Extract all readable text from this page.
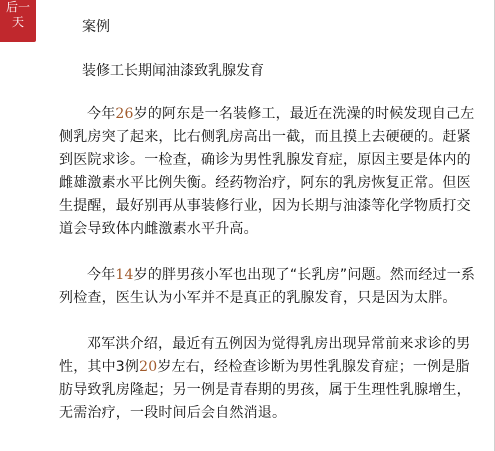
后一
天	案例

装修工长期闻油漆致乳腺发育

今年26岁的阿东是一名装修工，最近在洗澡的时候发现自己左侧乳房突了起来，比右侧乳房高出一截，而且摸上去硬硬的。赶紧到医院求诊。一检查，确诊为男性乳腺发育症，原因主要是体内的雌雄激素水平比例失衡。经药物治疗，阿东的乳房恢复正常。但医生提醒，最好别再从事装修行业，因为长期与油漆等化学物质打交道会导致体内雌激素水平升高。

今年14岁的胖男孩小军也出现了“长乳房”问题。然而经过一系列检查，医生认为小军并不是真正的乳腺发育，只是因为太胖。

邓军洪介绍，最近有五例因为觉得乳房出现异常前来求诊的男性，其中3例20岁左右，经检查诊断为男性乳腺发育症；一例是脂肪导致乳房隆起；另一例是青春期的男孩，属于生理性乳腺增生，无需治疗，一段时间后会自然消退。
